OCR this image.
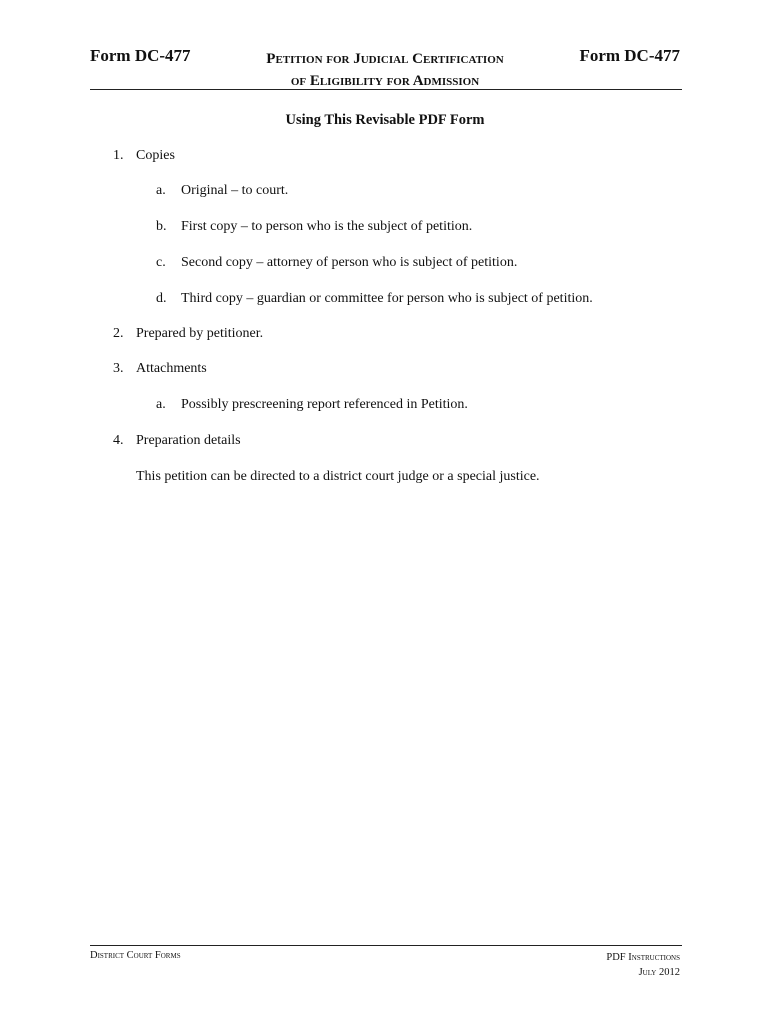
Form DC-477	Petition for Judicial Certification
of Eligibility for Admission
Form DC-477
Using This Revisable PDF Form
1. Copies
a. Original – to court.
b. First copy – to person who is the subject of petition.
c. Second copy – attorney of person who is subject of petition.
d. Third copy – guardian or committee for person who is subject of petition.
2. Prepared by petitioner.
3. Attachments
a. Possibly prescreening report referenced in Petition.
4. Preparation details
This petition can be directed to a district court judge or a special justice.
District Court Forms	PDF Instructions
July 2012
